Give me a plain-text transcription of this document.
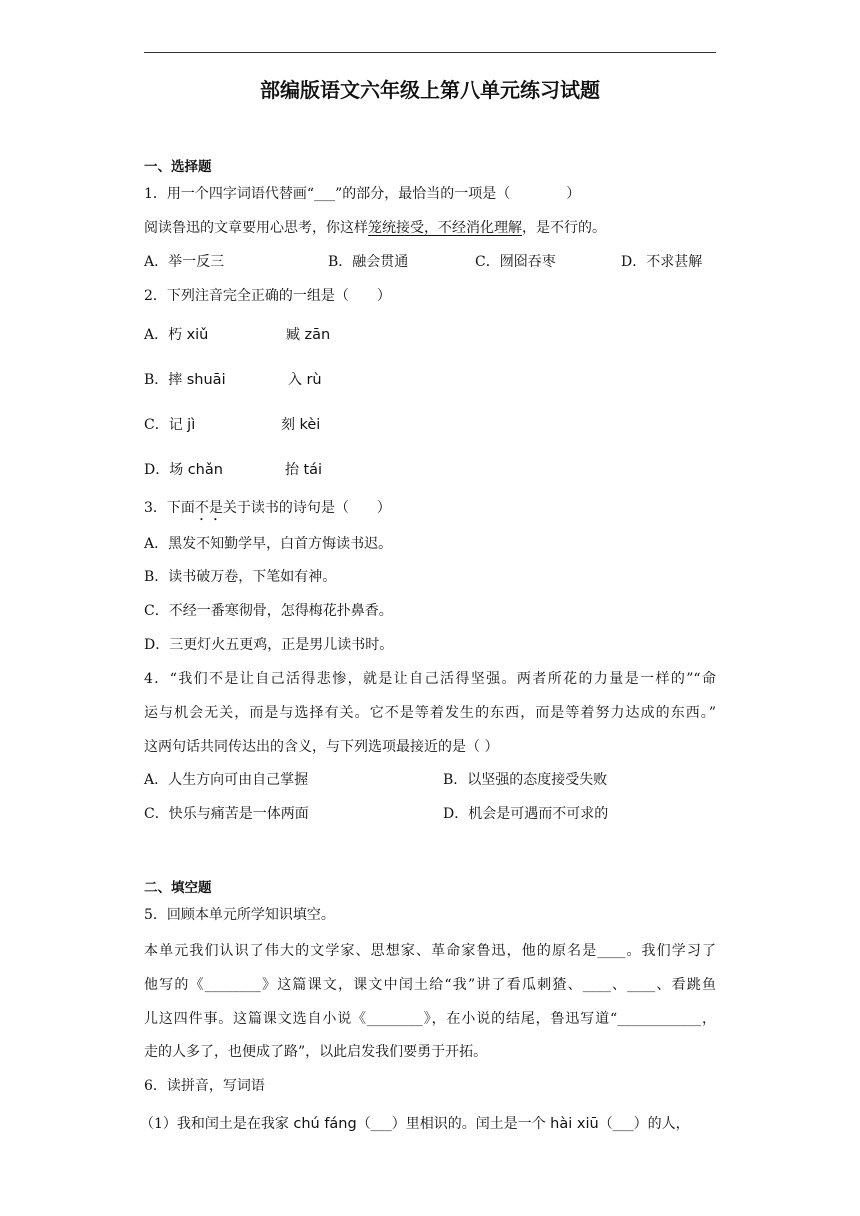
部编版语文六年级上第八单元练习试题
一、选择题
1．用一个四字词语代替画“___”的部分，最恰当的一项是（　　　　）
阅读鲁迅的文章要用心思考，你这样笼统接受，不经消化理解，是不行的。
A．举一反三	B．融会贯通	C．囫囵吞枣	D．不求甚解
2．下列注音完全正确的一组是（　　）
A．朽 xiǔ	臧 zān
B．摔 shuāi	入 rù
C．记 jì	刻 kèi
D．场 chǎn	抬 tái
3．下面不是关于读书的诗句是（　　）
A．黑发不知勤学早，白首方悔读书迟。
B．读书破万卷，下笔如有神。
C．不经一番寒彻骨，怎得梅花扑鼻香。
D．三更灯火五更鸡，正是男儿读书时。
4．“我们不是让自己活得悲惨，就是让自己活得坚强。两者所花的力量是一样的”“命
运与机会无关，而是与选择有关。它不是等着发生的东西，而是等着努力达成的东西。”
这两句话共同传达出的含义，与下列选项最接近的是（ ）
A．人生方向可由自己掌握	B．以坚强的态度接受失败
C．快乐与痛苦是一体两面	D．机会是可遇而不可求的
二、填空题
5．回顾本单元所学知识填空。
本单元我们认识了伟大的文学家、思想家、革命家鲁迅，他的原名是____。我们学习了
他写的《________》这篇课文，课文中闰土给“我”讲了看瓜刺猹、____、____、看跳鱼
儿这四件事。这篇课文选自小说《________》，在小说的结尾，鲁迅写道“____________，
走的人多了，也便成了路”，以此启发我们要勇于开拓。
6．读拼音，写词语
（1）我和闰土是在我家 chú fáng（___）里相识的。闰土是一个 hài xiū（___）的人，
